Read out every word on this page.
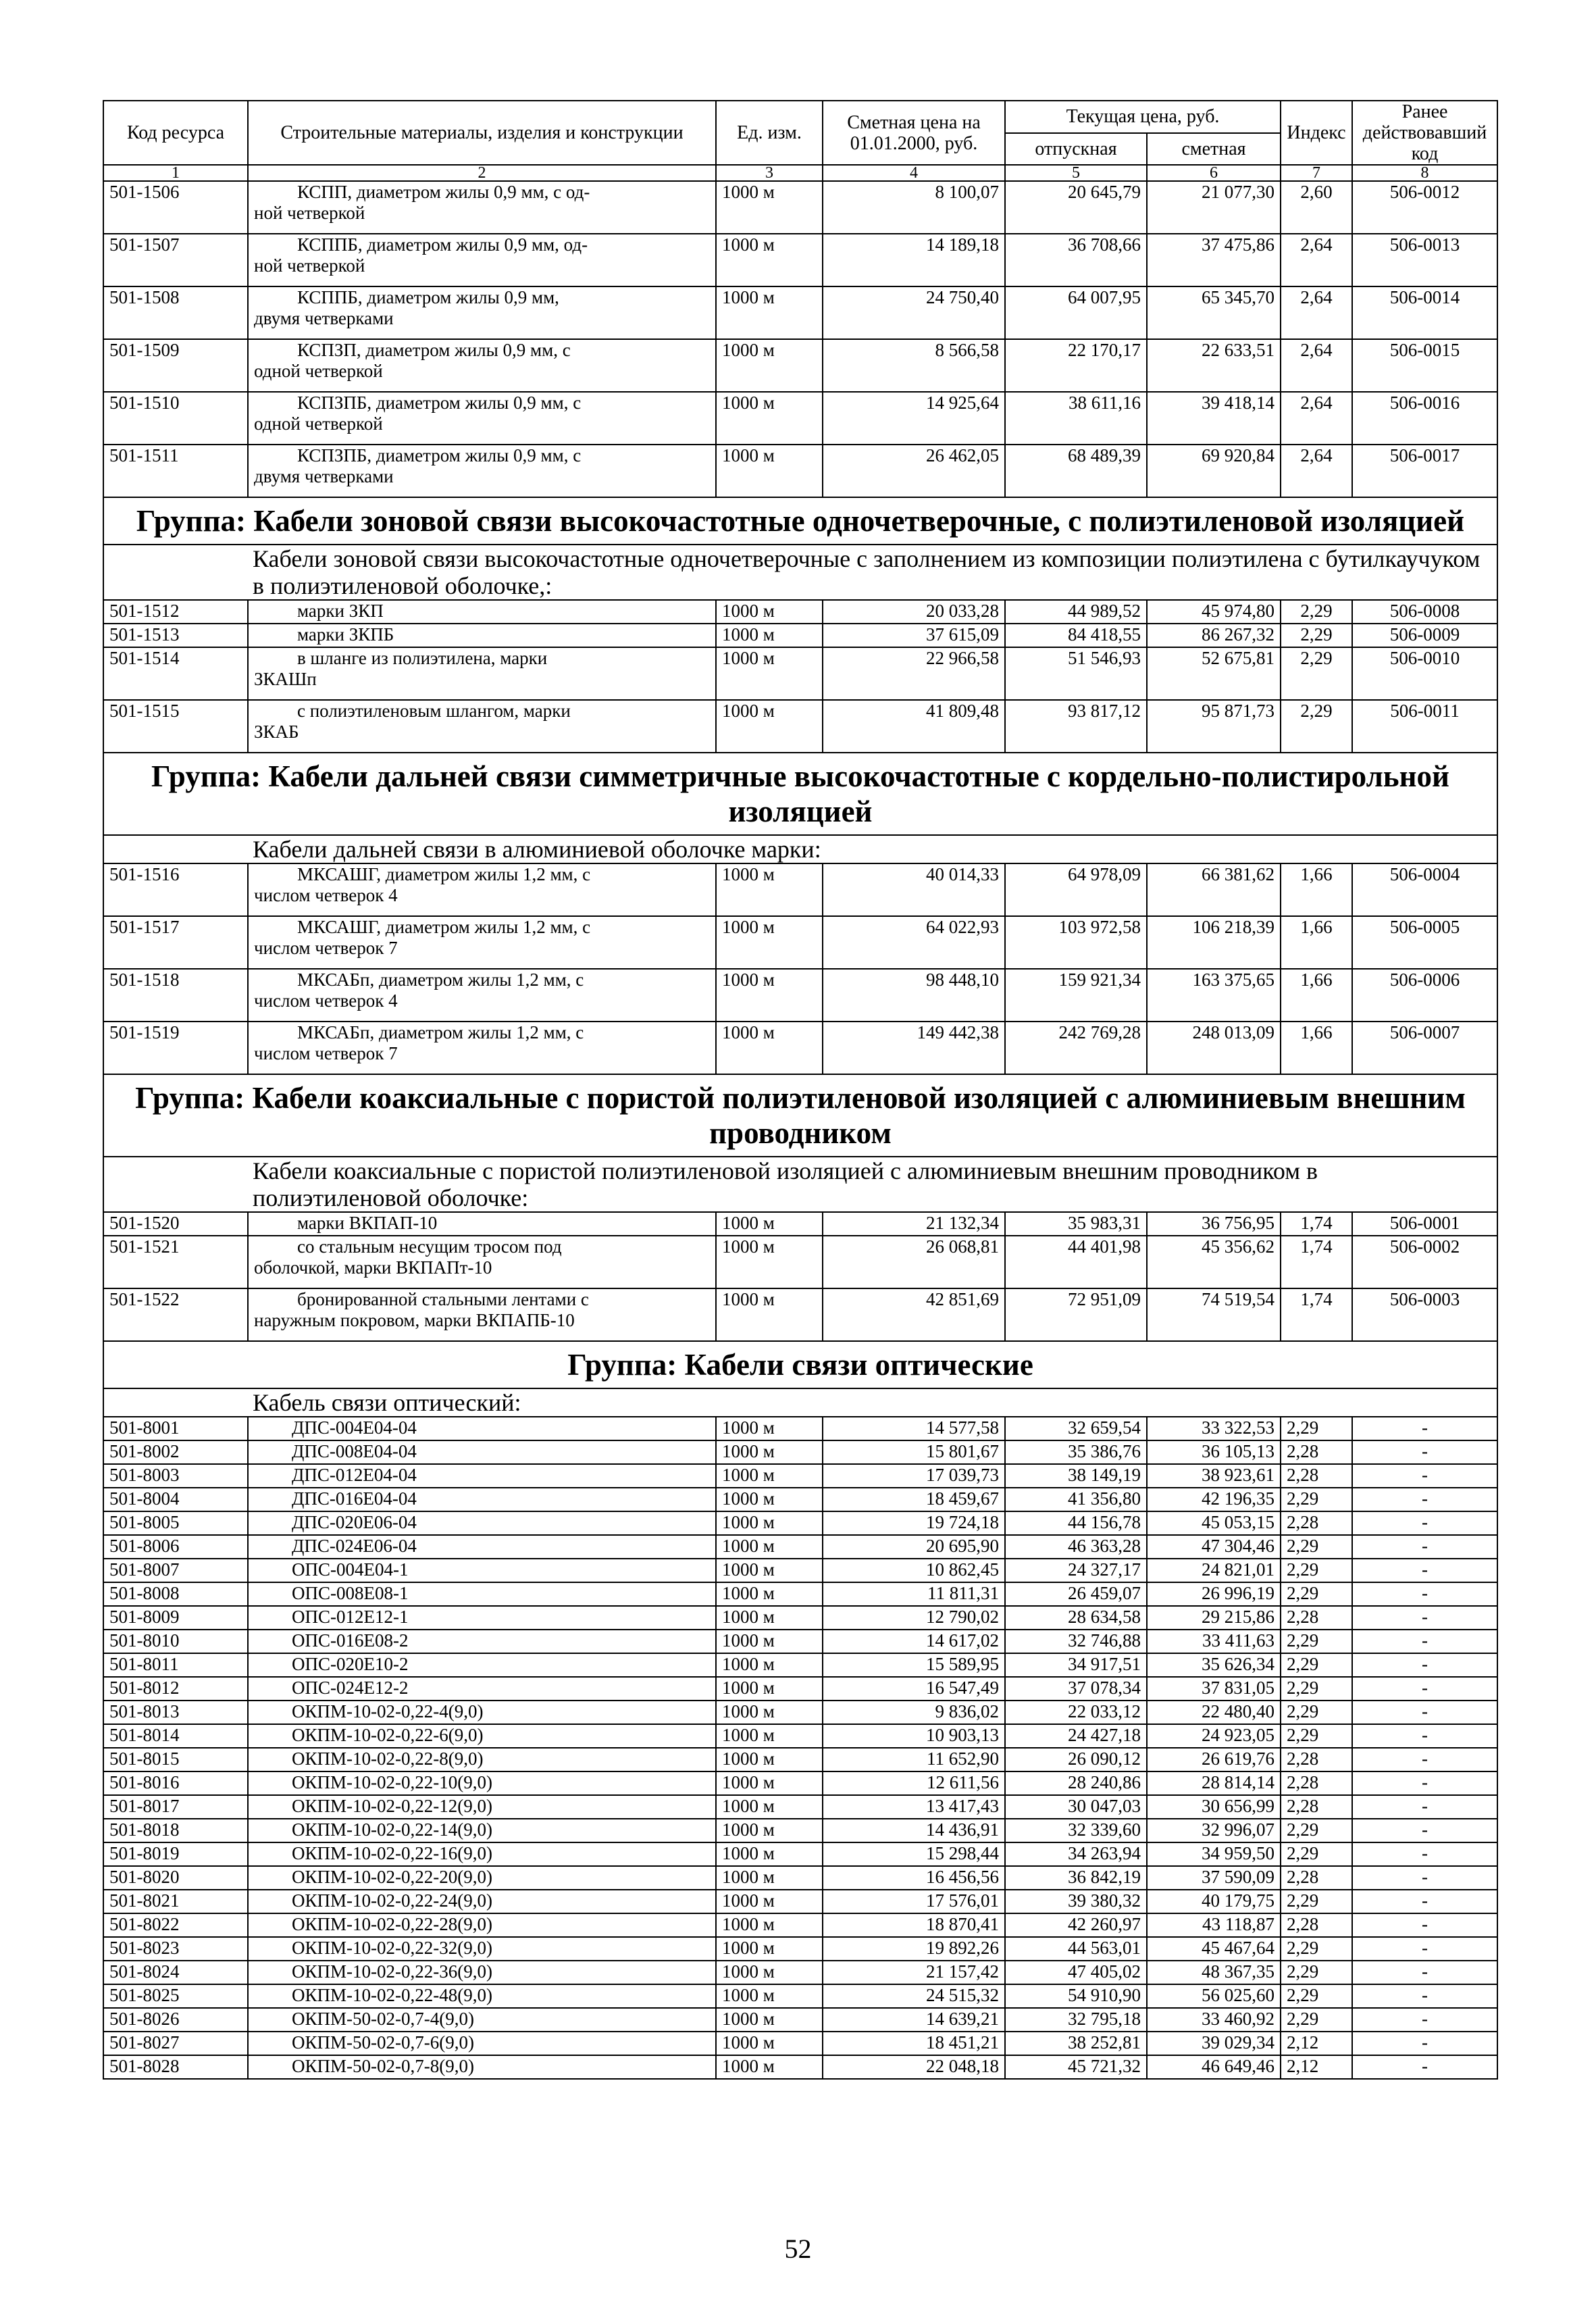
Код ресурса	Строительные материалы, изделия и конструкции	Ед. изм.	Сметная цена на 01.01.2000, руб.	Текущая цена, руб.		Индекс	Ранее действовавший код
				отпускная	сметная		
1	2	3	4	5	6	7	8
501-1506	КСПП, диаметром жилы 0,9 мм, с од-
ной четверкой	1000 м	8 100,07	20 645,79	21 077,30	2,60	506-0012
501-1507	КСППБ, диаметром жилы 0,9 мм, од-
ной четверкой	1000 м	14 189,18	36 708,66	37 475,86	2,64	506-0013
501-1508	КСППБ, диаметром жилы 0,9 мм,
двумя четверками	1000 м	24 750,40	64 007,95	65 345,70	2,64	506-0014
501-1509	КСПЗП, диаметром жилы 0,9 мм, с
одной четверкой	1000 м	8 566,58	22 170,17	22 633,51	2,64	506-0015
501-1510	КСПЗПБ, диаметром жилы 0,9 мм, с
одной четверкой	1000 м	14 925,64	38 611,16	39 418,14	2,64	506-0016
501-1511	КСПЗПБ, диаметром жилы 0,9 мм, с
двумя четверками	1000 м	26 462,05	68 489,39	69 920,84	2,64	506-0017
Группа: Кабели зоновой связи высокочастотные одночетверочные, с полиэтиленовой изоляцией							
Кабели зоновой связи высокочастотные одночетверочные с заполнением из композиции полиэтилена с бутилкаучуком в полиэтиленовой оболочке,:							
501-1512	марки ЗКП	1000 м	20 033,28	44 989,52	45 974,80	2,29	506-0008
501-1513	марки ЗКПБ	1000 м	37 615,09	84 418,55	86 267,32	2,29	506-0009
501-1514	в шланге из полиэтилена, марки
ЗКАШп	1000 м	22 966,58	51 546,93	52 675,81	2,29	506-0010
501-1515	с полиэтиленовым шлангом, марки
ЗКАБ	1000 м	41 809,48	93 817,12	95 871,73	2,29	506-0011
Группа: Кабели дальней связи симметричные высокочастотные с кордельно-полистирольной изоляцией							
Кабели дальней связи в алюминиевой оболочке марки:							
501-1516	МКСАШГ, диаметром жилы 1,2 мм, с
числом четверок 4	1000 м	40 014,33	64 978,09	66 381,62	1,66	506-0004
501-1517	МКСАШГ, диаметром жилы 1,2 мм, с
числом четверок 7	1000 м	64 022,93	103 972,58	106 218,39	1,66	506-0005
501-1518	МКСАБп, диаметром жилы 1,2 мм, с
числом четверок 4	1000 м	98 448,10	159 921,34	163 375,65	1,66	506-0006
501-1519	МКСАБп, диаметром жилы 1,2 мм, с
числом четверок 7	1000 м	149 442,38	242 769,28	248 013,09	1,66	506-0007
Группа: Кабели коаксиальные с пористой полиэтиленовой изоляцией с алюминиевым внешним проводником							
Кабели коаксиальные с пористой полиэтиленовой изоляцией с алюминиевым внешним проводником в полиэтиленовой оболочке:							
501-1520	марки ВКПАП-10	1000 м	21 132,34	35 983,31	36 756,95	1,74	506-0001
501-1521	со стальным несущим тросом под
оболочкой, марки ВКПАПт-10	1000 м	26 068,81	44 401,98	45 356,62	1,74	506-0002
501-1522	бронированной стальными лентами с
наружным покровом, марки ВКПАПБ-10	1000 м	42 851,69	72 951,09	74 519,54	1,74	506-0003
Группа: Кабели связи оптические							
Кабель связи оптический:							
501-8001	ДПС-004Е04-04	1000 м	14 577,58	32 659,54	33 322,53	2,29	-
501-8002	ДПС-008Е04-04	1000 м	15 801,67	35 386,76	36 105,13	2,28	-
501-8003	ДПС-012Е04-04	1000 м	17 039,73	38 149,19	38 923,61	2,28	-
501-8004	ДПС-016Е04-04	1000 м	18 459,67	41 356,80	42 196,35	2,29	-
501-8005	ДПС-020Е06-04	1000 м	19 724,18	44 156,78	45 053,15	2,28	-
501-8006	ДПС-024Е06-04	1000 м	20 695,90	46 363,28	47 304,46	2,29	-
501-8007	ОПС-004Е04-1	1000 м	10 862,45	24 327,17	24 821,01	2,29	-
501-8008	ОПС-008Е08-1	1000 м	11 811,31	26 459,07	26 996,19	2,29	-
501-8009	ОПС-012Е12-1	1000 м	12 790,02	28 634,58	29 215,86	2,28	-
501-8010	ОПС-016Е08-2	1000 м	14 617,02	32 746,88	33 411,63	2,29	-
501-8011	ОПС-020Е10-2	1000 м	15 589,95	34 917,51	35 626,34	2,29	-
501-8012	ОПС-024Е12-2	1000 м	16 547,49	37 078,34	37 831,05	2,29	-
501-8013	ОКПМ-10-02-0,22-4(9,0)	1000 м	9 836,02	22 033,12	22 480,40	2,29	-
501-8014	ОКПМ-10-02-0,22-6(9,0)	1000 м	10 903,13	24 427,18	24 923,05	2,29	-
501-8015	ОКПМ-10-02-0,22-8(9,0)	1000 м	11 652,90	26 090,12	26 619,76	2,28	-
501-8016	ОКПМ-10-02-0,22-10(9,0)	1000 м	12 611,56	28 240,86	28 814,14	2,28	-
501-8017	ОКПМ-10-02-0,22-12(9,0)	1000 м	13 417,43	30 047,03	30 656,99	2,28	-
501-8018	ОКПМ-10-02-0,22-14(9,0)	1000 м	14 436,91	32 339,60	32 996,07	2,29	-
501-8019	ОКПМ-10-02-0,22-16(9,0)	1000 м	15 298,44	34 263,94	34 959,50	2,29	-
501-8020	ОКПМ-10-02-0,22-20(9,0)	1000 м	16 456,56	36 842,19	37 590,09	2,28	-
501-8021	ОКПМ-10-02-0,22-24(9,0)	1000 м	17 576,01	39 380,32	40 179,75	2,29	-
501-8022	ОКПМ-10-02-0,22-28(9,0)	1000 м	18 870,41	42 260,97	43 118,87	2,28	-
501-8023	ОКПМ-10-02-0,22-32(9,0)	1000 м	19 892,26	44 563,01	45 467,64	2,29	-
501-8024	ОКПМ-10-02-0,22-36(9,0)	1000 м	21 157,42	47 405,02	48 367,35	2,29	-
501-8025	ОКПМ-10-02-0,22-48(9,0)	1000 м	24 515,32	54 910,90	56 025,60	2,29	-
501-8026	ОКПМ-50-02-0,7-4(9,0)	1000 м	14 639,21	32 795,18	33 460,92	2,29	-
501-8027	ОКПМ-50-02-0,7-6(9,0)	1000 м	18 451,21	38 252,81	39 029,34	2,12	-
501-8028	ОКПМ-50-02-0,7-8(9,0)	1000 м	22 048,18	45 721,32	46 649,46	2,12	-
52
